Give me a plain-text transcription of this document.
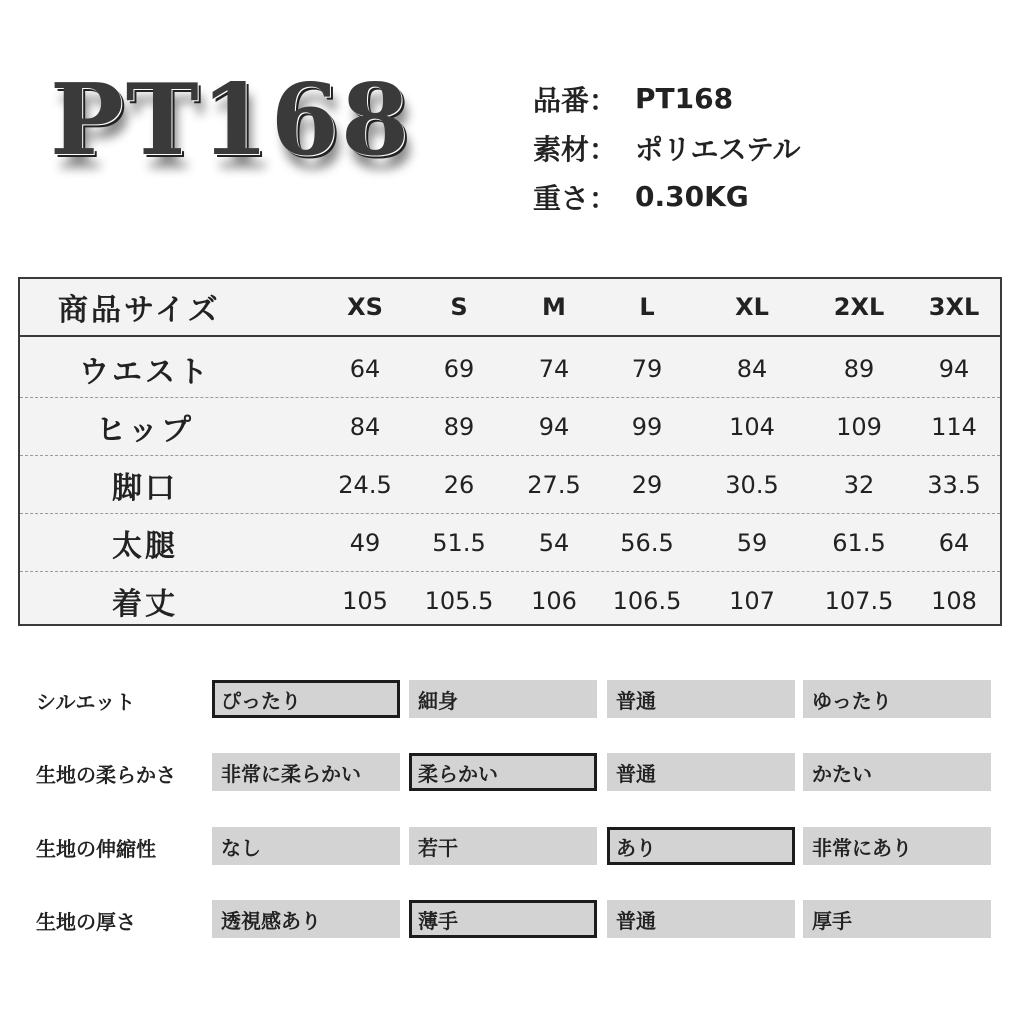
PT168	品番： PT168
素材： ポリエステル
重さ： 0.30KG
商品サイズ	XS	S	M	L	XL	2XL	3XL
ウエスト	64	69	74	79	84	89	94
ヒップ	84	89	94	99	104	109	114
脚口	24.5	26	27.5	29	30.5	32	33.5
太腿	49	51.5	54	56.5	59	61.5	64
着丈	105	105.5	106	106.5	107	107.5	108
シルエット	ぴったり	細身	普通	ゆったり
生地の柔らかさ	非常に柔らかい	柔らかい	普通	かたい
生地の伸縮性	なし	若干	あり	非常にあり
生地の厚さ	透視感あり	薄手	普通	厚手
